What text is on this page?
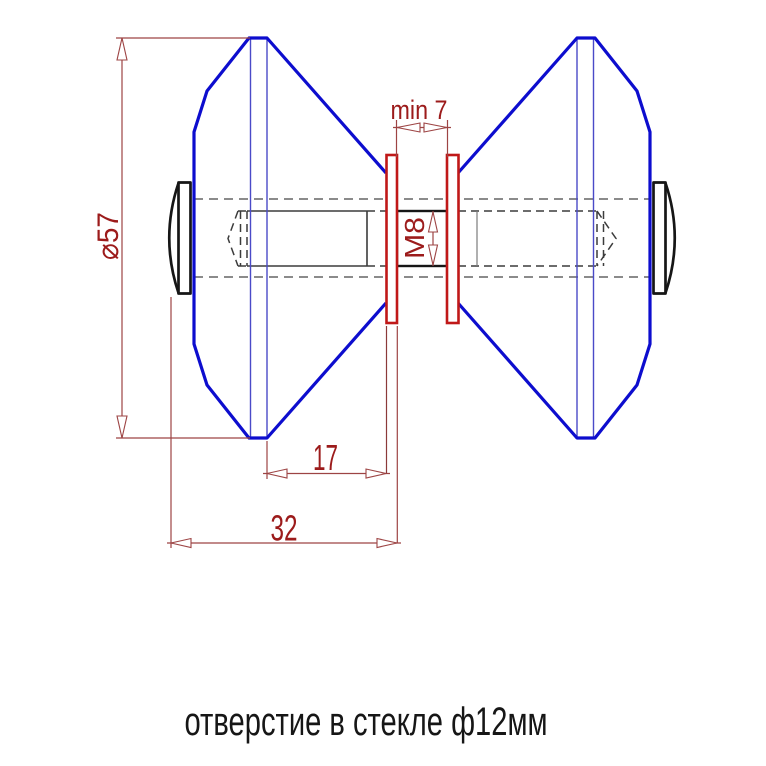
⌀57
min 7
M8
17
32
отверстие в стекле ф12мм
